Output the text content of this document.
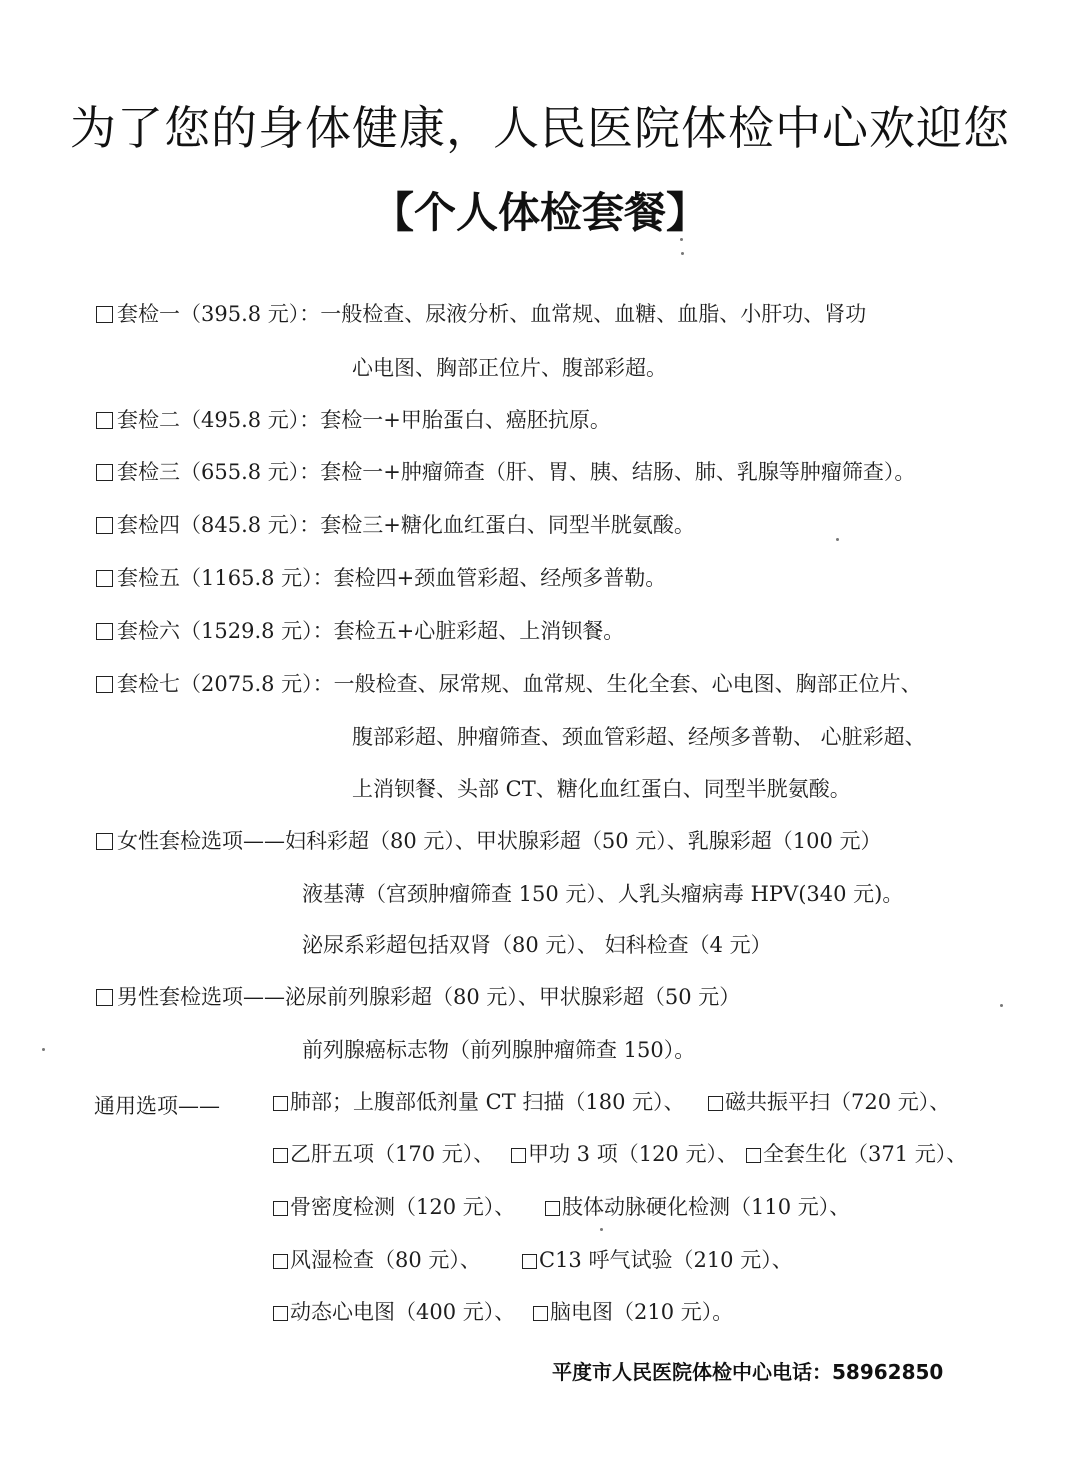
为了您的身体健康，人民医院体检中心欢迎您
【个人体检套餐】
套检一（395.8 元）：一般检查、尿液分析、血常规、血糖、血脂、小肝功、肾功
心电图、胸部正位片、腹部彩超。
套检二（495.8 元）：套检一+甲胎蛋白、癌胚抗原。
套检三（655.8 元）：套检一+肿瘤筛查（肝、胃、胰、结肠、肺、乳腺等肿瘤筛查）。
套检四（845.8 元）：套检三+糖化血红蛋白、同型半胱氨酸。
套检五（1165.8 元）：套检四+颈血管彩超、经颅多普勒。
套检六（1529.8 元）：套检五+心脏彩超、上消钡餐。
套检七（2075.8 元）：一般检查、尿常规、血常规、生化全套、心电图、胸部正位片、
腹部彩超、肿瘤筛查、颈血管彩超、经颅多普勒、 心脏彩超、
上消钡餐、头部 CT、糖化血红蛋白、同型半胱氨酸。
女性套检选项——妇科彩超（80 元）、甲状腺彩超（50 元）、乳腺彩超（100 元）
液基薄（宫颈肿瘤筛查 150 元）、人乳头瘤病毒 HPV(340 元)。
泌尿系彩超包括双肾（80 元）、 妇科检查（4 元）
男性套检选项——泌尿前列腺彩超（80 元）、甲状腺彩超（50 元）
前列腺癌标志物（前列腺肿瘤筛查 150）。
通用选项——	肺部；上腹部低剂量 CT 扫描（180 元）、	磁共振平扫（720 元）、
乙肝五项（170 元）、	甲功 3 项（120 元）、	全套生化（371 元）、
骨密度检测（120 元）、	肢体动脉硬化检测（110 元）、
风湿检查（80 元）、	C13 呼气试验（210 元）、
动态心电图（400 元）、	脑电图（210 元）。
平度市人民医院体检中心电话：58962850
